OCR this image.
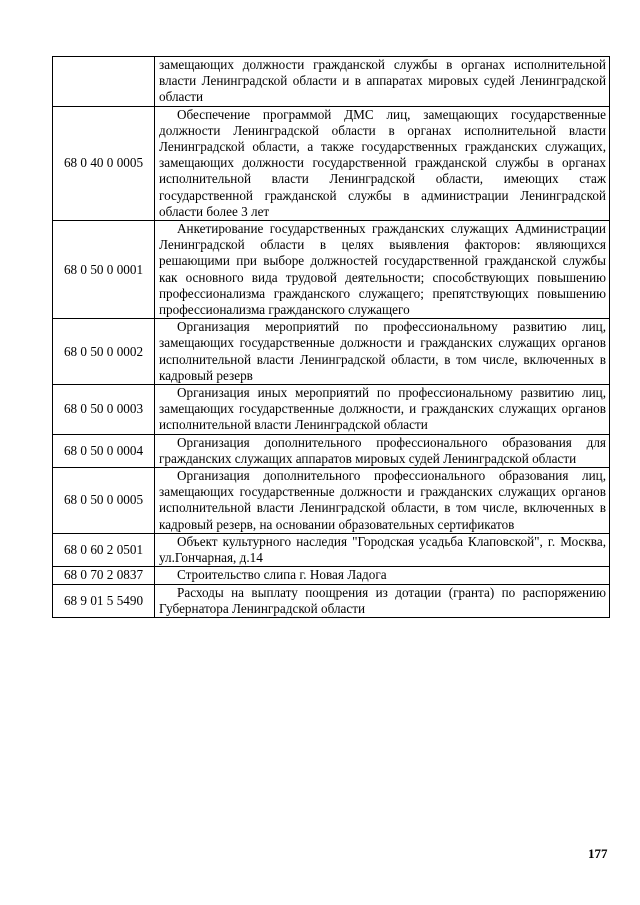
	замещающих должности гражданской службы в органах исполнительной власти Ленинградской области и в аппаратах мировых судей Ленинградской области

68 0 40 0 0005	Обеспечение программой ДМС лиц, замещающих государственные должности Ленинградской области в органах исполнительной власти Ленинградской области, а также государственных гражданских служащих, замещающих должности государственной гражданской службы в органах исполнительной власти Ленинградской области, имеющих стаж государственной гражданской службы в администрации Ленинградской области более 3 лет

68 0 50 0 0001	Анкетирование государственных гражданских служащих Администрации Ленинградской области в целях выявления факторов: являющихся решающими при выборе должностей государственной гражданской службы как основного вида трудовой деятельности; способствующих повышению профессионализма гражданского служащего; препятствующих повышению профессионализма гражданского служащего

68 0 50 0 0002	Организация мероприятий по профессиональному развитию лиц, замещающих государственные должности и гражданских служащих органов исполнительной власти Ленинградской области, в том числе, включенных в кадровый резерв

68 0 50 0 0003	Организация иных мероприятий по профессиональному развитию лиц, замещающих государственные должности, и гражданских служащих органов исполнительной власти Ленинградской области

68 0 50 0 0004	Организация дополнительного профессионального образования для гражданских служащих аппаратов мировых судей Ленинградской области

68 0 50 0 0005	Организация дополнительного профессионального образования лиц, замещающих государственные должности и гражданских служащих органов исполнительной власти Ленинградской области, в том числе, включенных в кадровый резерв, на основании образовательных сертификатов

68 0 60 2 0501	Объект культурного наследия "Городская усадьба Клаповской", г. Москва, ул.Гончарная, д.14

68 0 70 2 0837	Строительство слипа г. Новая Ладога

68 9 01 5 5490	Расходы на выплату поощрения из дотации (гранта) по распоряжению Губернатора Ленинградской области
177
